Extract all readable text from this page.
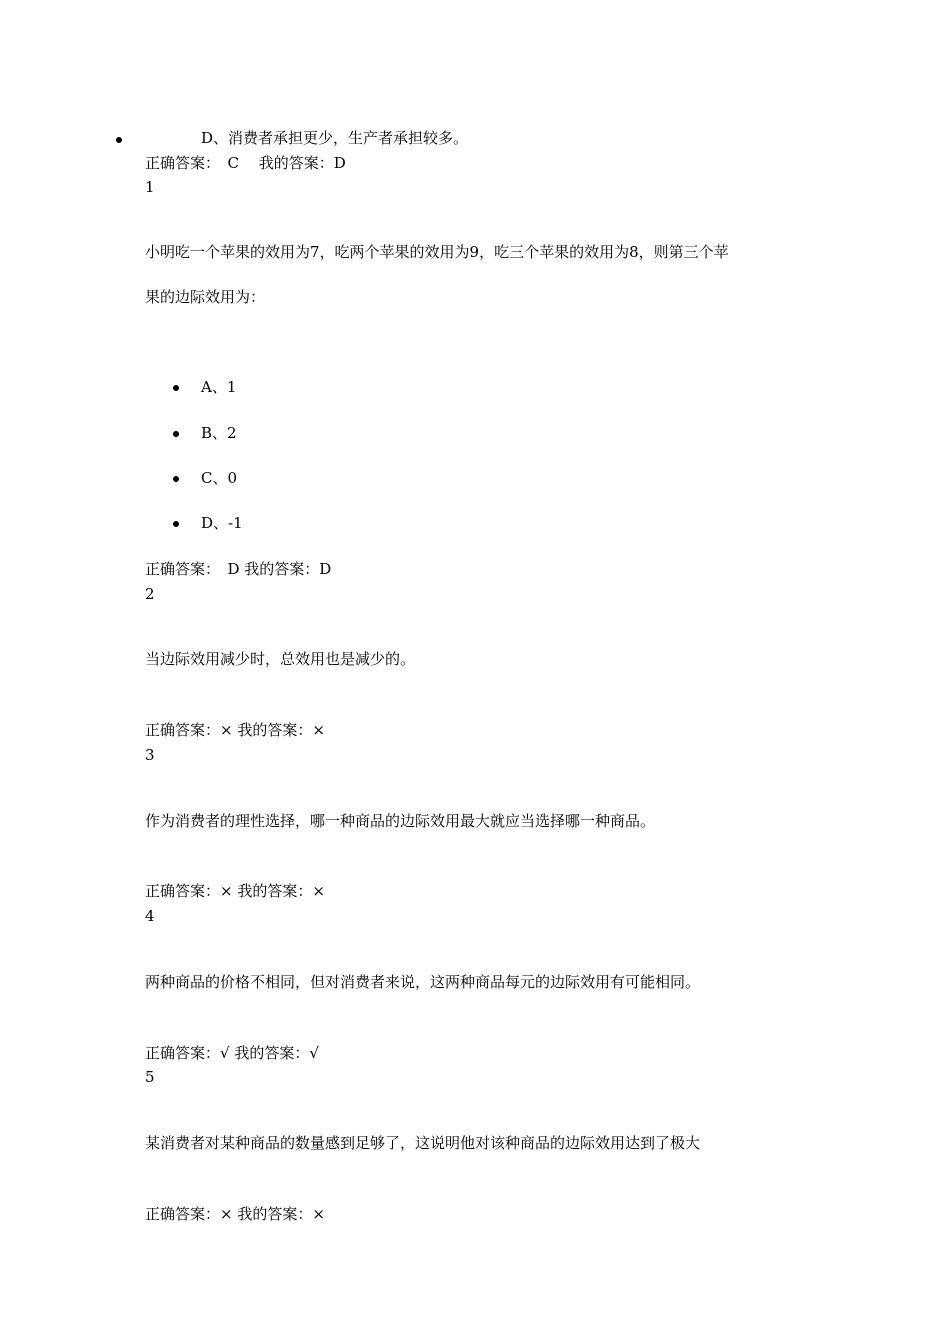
D、消费者承担更少，生产者承担较多。
正确答案：　C　 我的答案：D
1
小明吃一个苹果的效用为7，吃两个苹果的效用为9，吃三个苹果的效用为8，则第三个苹
果的边际效用为：
A、1
B、2
C、0
D、-1
正确答案：　D 我的答案：D
2
当边际效用减少时，总效用也是减少的。
正确答案：× 我的答案：×
3
作为消费者的理性选择，哪一种商品的边际效用最大就应当选择哪一种商品。
正确答案：× 我的答案：×
4
两种商品的价格不相同，但对消费者来说，这两种商品每元的边际效用有可能相同。
正确答案：√ 我的答案：√
5
某消费者对某种商品的数量感到足够了，这说明他对该种商品的边际效用达到了极大
正确答案：× 我的答案：×
